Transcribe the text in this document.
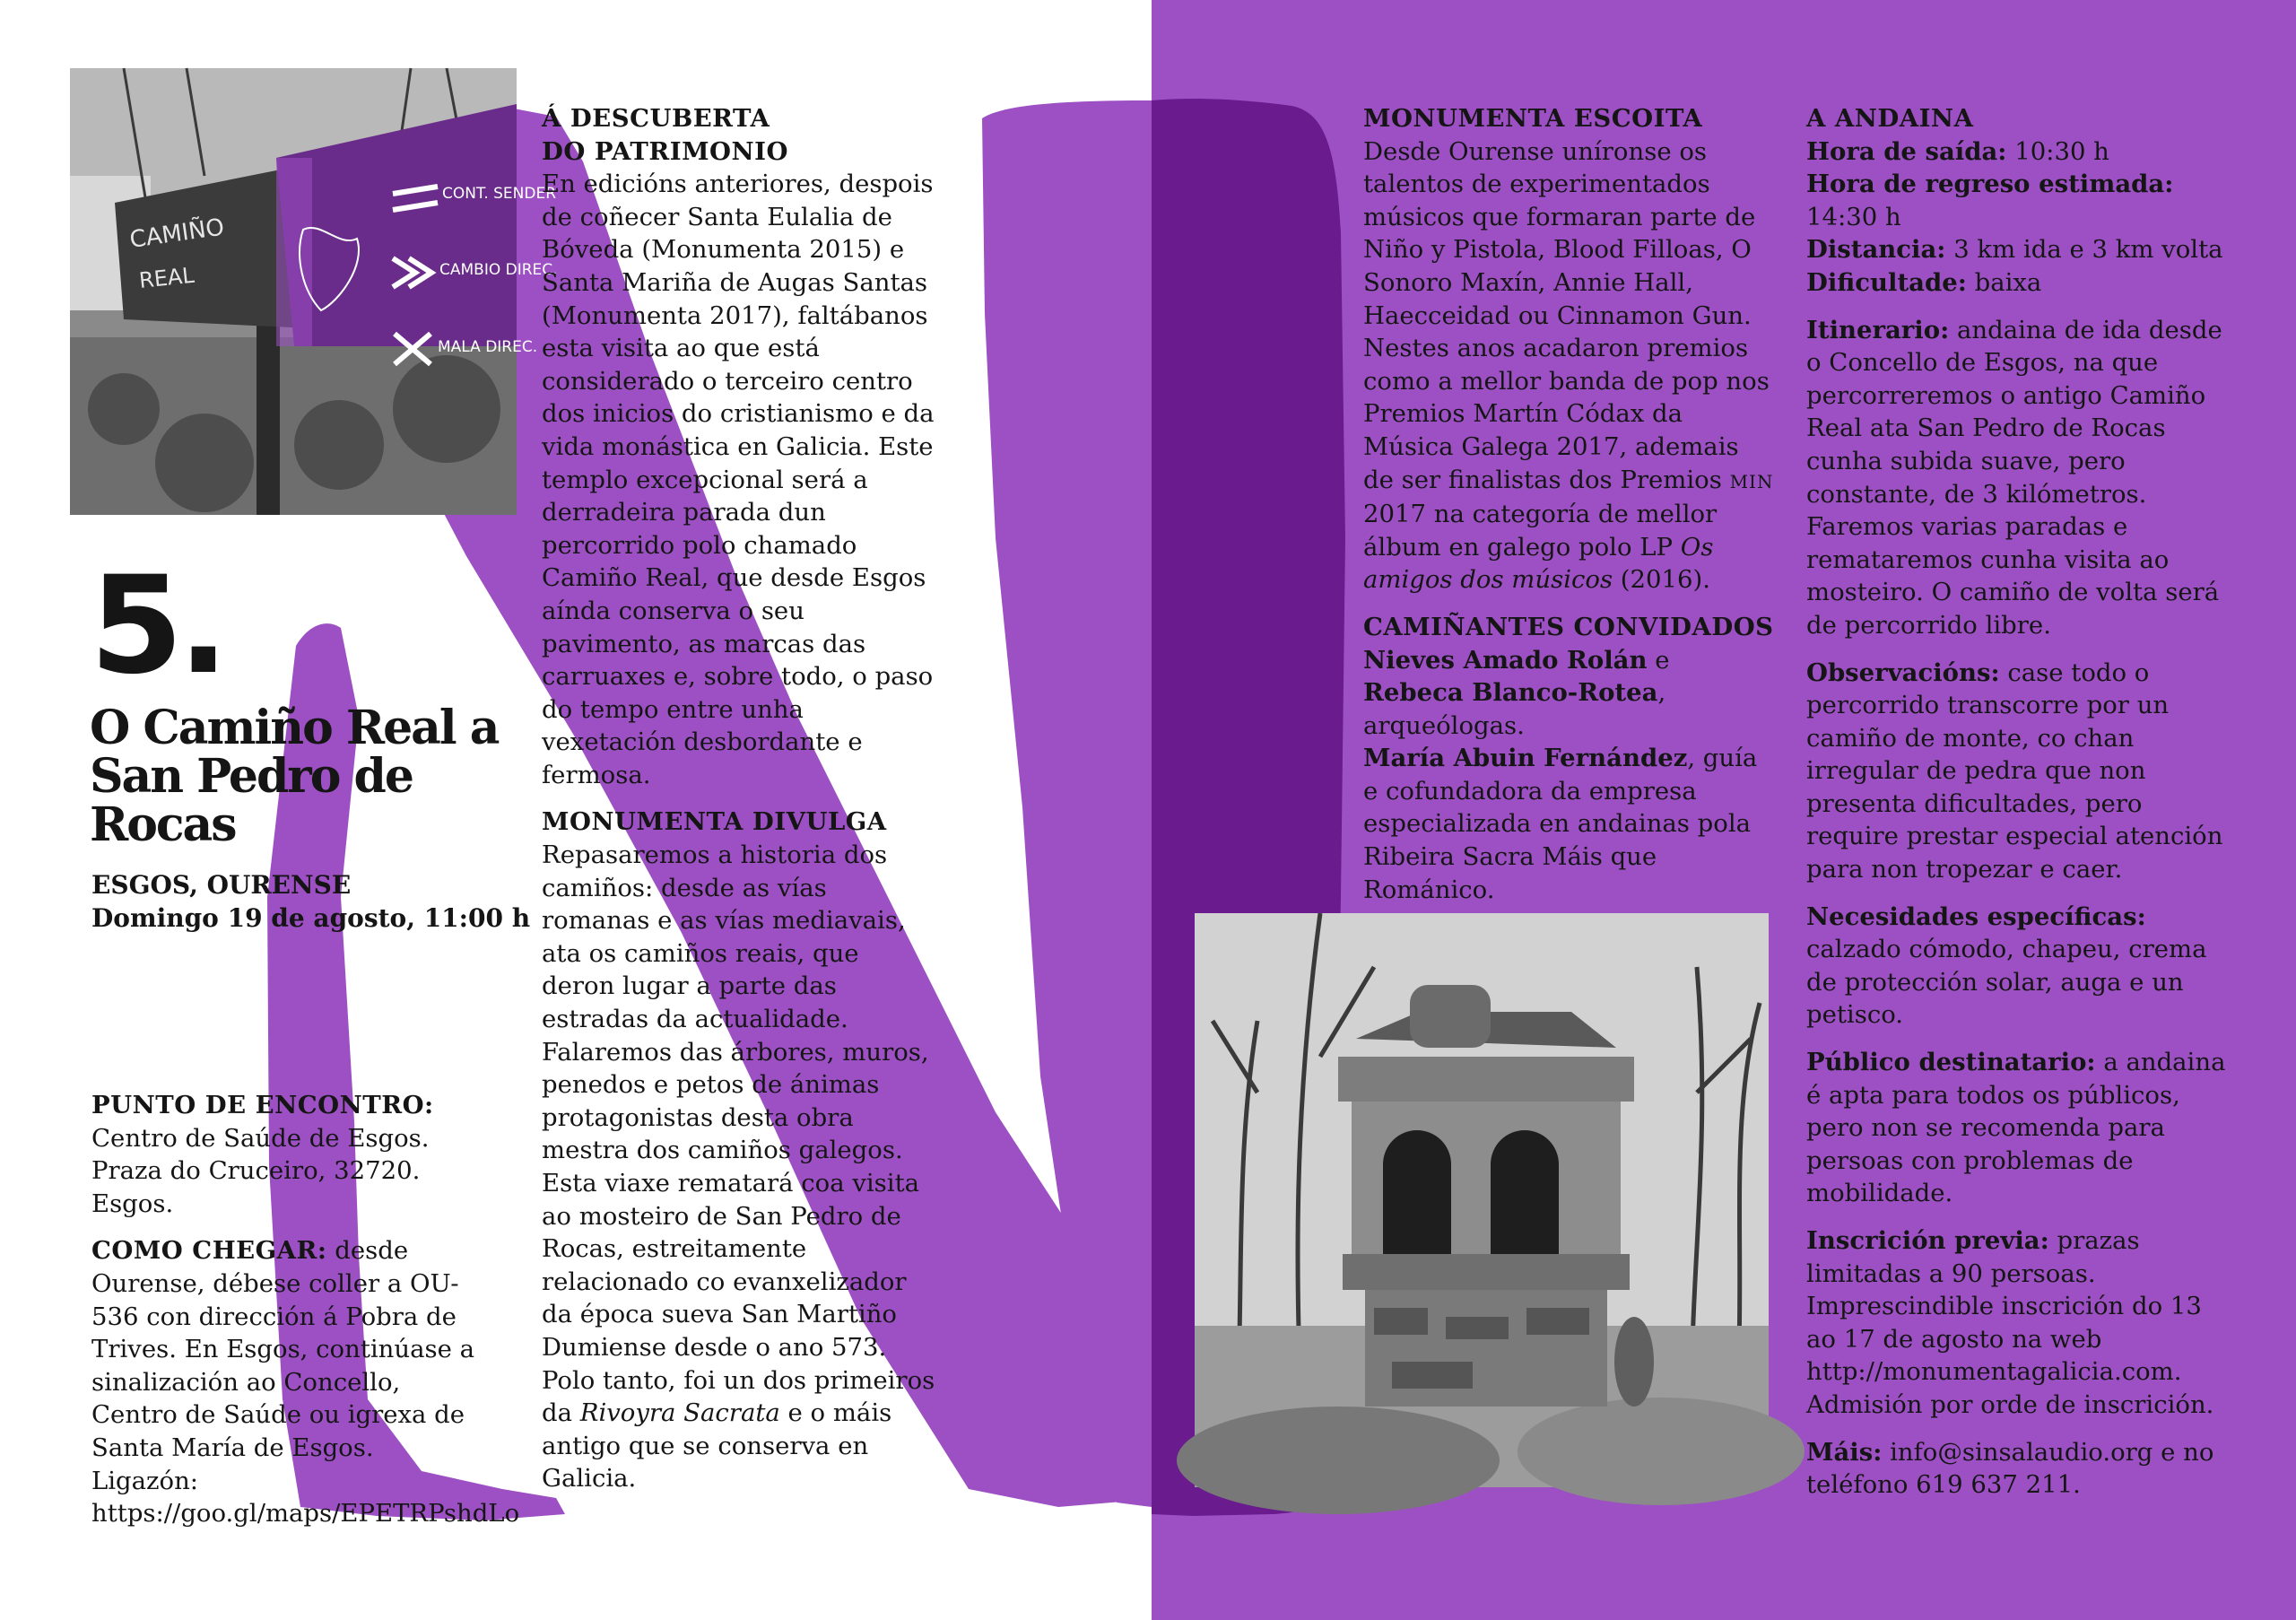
CAMIÑO
REAL
CONT. SENDER
CAMBIO DIREC.
MALA DIREC.
5.
O Camiño Real a San Pedro de Rocas
ESGOS, OURENSE
Domingo 19 de agosto, 11:00 h

PUNTO DE ENCONTRO:
Centro de Saúde de Esgos. Praza do Cruceiro, 32720. Esgos.

COMO CHEGAR: desde Ourense, débese coller a OU-536 con dirección á Pobra de Trives. En Esgos, continúase a sinalización ao Concello, Centro de Saúde ou igrexa de Santa María de Esgos. Ligazón: https://goo.gl/maps/EPETRPshdLo

Á DESCUBERTA
DO PATRIMONIO
En edicións anteriores, despois de coñecer Santa Eulalia de Bóveda (Monumenta 2015) e Santa Mariña de Augas Santas (Monumenta 2017), faltábanos esta visita ao que está considerado o terceiro centro dos inicios do cristianismo e da vida monástica en Galicia. Este templo excepcional será a derradeira parada dun percorrido polo chamado Camiño Real, que desde Esgos aínda conserva o seu pavimento, as marcas das carruaxes e, sobre todo, o paso do tempo entre unha vexetación desbordante e fermosa.

MONUMENTA DIVULGA
Repasaremos a historia dos camiños: desde as vías romanas e as vías mediavais, ata os camiños reais, que deron lugar a parte das estradas da actualidade. Falaremos das árbores, muros, penedos e petos de ánimas protagonistas desta obra mestra dos camiños galegos. Esta viaxe rematará coa visita ao mosteiro de San Pedro de Rocas, estreitamente relacionado co evanxelizador da época sueva San Martiño Dumiense desde o ano 573. Polo tanto, foi un dos primeiros da Rivoyra Sacrata e o máis antigo que se conserva en Galicia.

MONUMENTA ESCOITA
Desde Ourense uníronse os talentos de experimentados músicos que formaran parte de Niño y Pistola, Blood Filloas, O Sonoro Maxín, Annie Hall, Haecceidad ou Cinnamon Gun. Nestes anos acadaron premios como a mellor banda de pop nos Premios Martín Códax da Música Galega 2017, ademais de ser finalistas dos Premios MIN 2017 na categoría de mellor álbum en galego polo LP Os amigos dos músicos (2016).

CAMIÑANTES CONVIDADOS
Nieves Amado Rolán e Rebeca Blanco-Rotea, arqueólogas.
María Abuin Fernández, guía e cofundadora da empresa especializada en andainas pola Ribeira Sacra Máis que Románico.

A ANDAINA
Hora de saída: 10:30 h
Hora de regreso estimada: 14:30 h
Distancia: 3 km ida e 3 km volta
Dificultade: baixa

Itinerario: andaina de ida desde o Concello de Esgos, na que percorreremos o antigo Camiño Real ata San Pedro de Rocas cunha subida suave, pero constante, de 3 kilómetros. Faremos varias paradas e remataremos cunha visita ao mosteiro. O camiño de volta será de percorrido libre.

Observacións: case todo o percorrido transcorre por un camiño de monte, co chan irregular de pedra que non presenta dificultades, pero require prestar especial atención para non tropezar e caer.

Necesidades específicas: calzado cómodo, chapeu, crema de protección solar, auga e un petisco.

Público destinatario: a andaina é apta para todos os públicos, pero non se recomenda para persoas con problemas de mobilidade.

Inscrición previa: prazas limitadas a 90 persoas. Imprescindible inscrición do 13 ao 17 de agosto na web http://monumentagalicia.com. Admisión por orde de inscrición.

Máis: info@sinsalaudio.org e no teléfono 619 637 211.
